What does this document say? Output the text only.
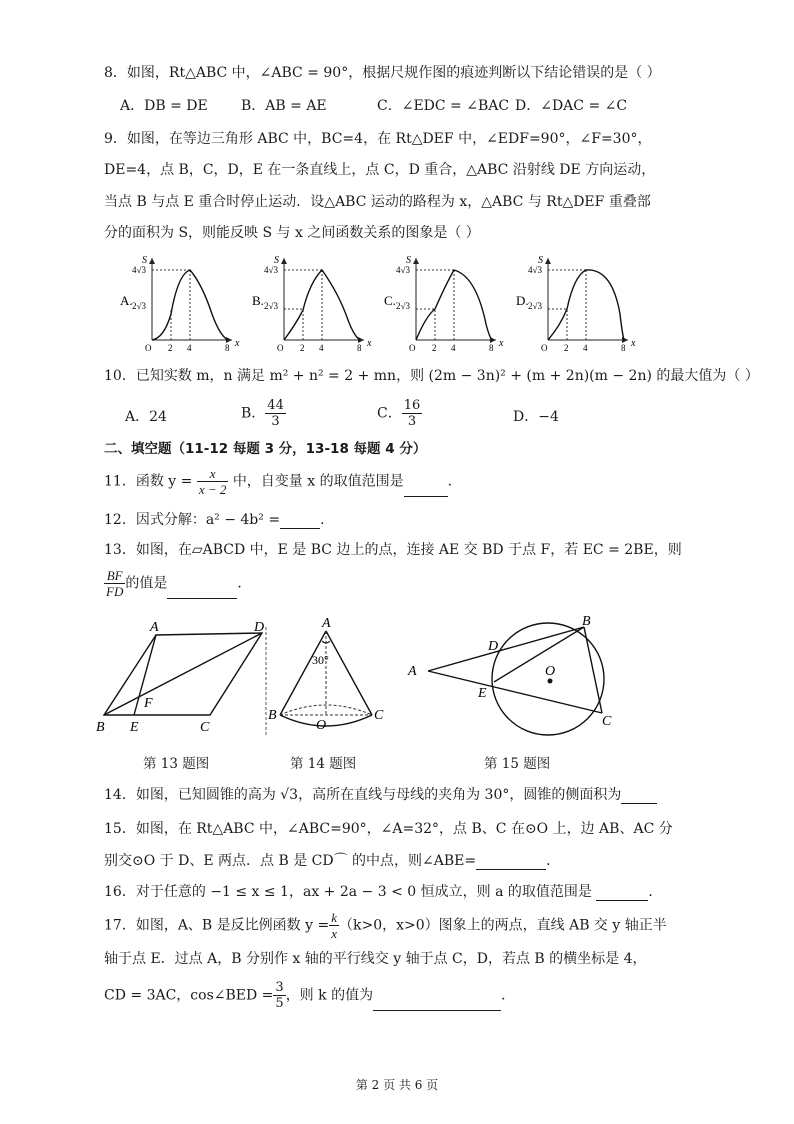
8．如图，Rt△ABC 中，∠ABC = 90°，根据尺规作图的痕迹判断以下结论错误的是（ ）
A．DB = DE B．AB = AE	C．∠EDC = ∠BAC D．∠DAC = ∠C
9．如图，在等边三角形 ABC 中，BC=4，在 Rt△DEF 中，∠EDF=90°，∠F=30°，
DE=4，点 B，C，D，E 在一条直线上，点 C，D 重合，△ABC 沿射线 DE 方向运动，
当点 B 与点 E 重合时停止运动．设△ABC 运动的路程为 x，△ABC 与 Rt△DEF 重叠部
分的面积为 S，则能反映 S 与 x 之间函数关系的图象是（ ）
A.
S
x
4√3
2√3
O 2 4	8
B.
S
x
4√3
2√3
O 2 4	8
C.
S
x
4√3
2√3
O 2 4	8
D.
S
x
4√3
2√3
O 2 4	8
10．已知实数 m，n 满足 m² + n² = 2 + mn，则 (2m − 3n)² + (m + 2n)(m − 2n) 的最大值为（ ）
A．24	B． $\frac{44}{3}$	C． $\frac{16}{3}$	D．−4
二、填空题（11-12 每题 3 分，13-18 每题 4 分）
11．函数 $y = \frac{x}{x - 2}$ 中，自变量 x 的取值范围是	．
12．因式分解：a² − 4b² =	．
13．如图，在▱ABCD 中，E 是 BC 边上的点，连接 AE 交 BD 于点 F，若 EC = 2BE，则
$\frac{BF}{FD}$ 的值是	．
A	D
B E
F
C
A
30°
B
O
C
A
D
B
O
E
C
第 13 题图	第 14 题图	第 15 题图
14．如图，已知圆锥的高为 √3，高所在直线与母线的夹角为 30°，圆锥的侧面积为
15．如图，在 Rt△ABC 中，∠ABC=90°，∠A=32°，点 B、C 在⊙O 上，边 AB、AC 分
别交⊙O 于 D、E 两点．点 B 是 CD⌒ 的中点，则∠ABE=	．
16．对于任意的 −1 ≤ x ≤ 1，ax + 2a − 3 < 0 恒成立，则 a 的取值范围是	．
17．如图，A、B 是反比例函数 $y = \frac{k}{x} (k>0$，x>0）图象上的两点，直线 AB 交 y 轴正半
轴于点 E．过点 A，B 分别作 x 轴的平行线交 y 轴于点 C，D，若点 B 的横坐标是 4，
CD = 3AC，cos∠BED = $\frac{3}{5}$ ，则 k 的值为	．
第 2 页 共 6 页
